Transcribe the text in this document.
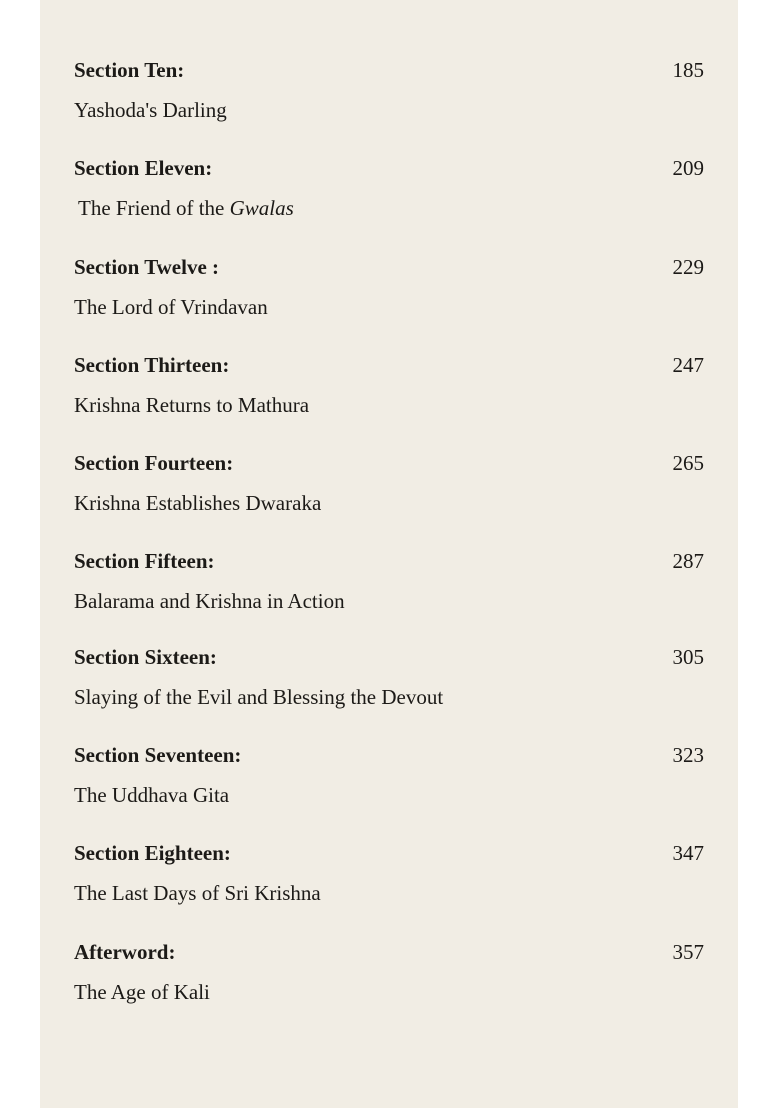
Section Ten:	185
Yashoda's Darling
Section Eleven:	209
The Friend of the Gwalas
Section Twelve :	229
The Lord of Vrindavan
Section Thirteen:	247
Krishna Returns to Mathura
Section Fourteen:	265
Krishna Establishes Dwaraka
Section Fifteen:	287
Balarama and Krishna in Action
Section Sixteen:	305
Slaying of the Evil and Blessing the Devout
Section Seventeen:	323
The Uddhava Gita
Section Eighteen:	347
The Last Days of Sri Krishna
Afterword:	357
The Age of Kali
